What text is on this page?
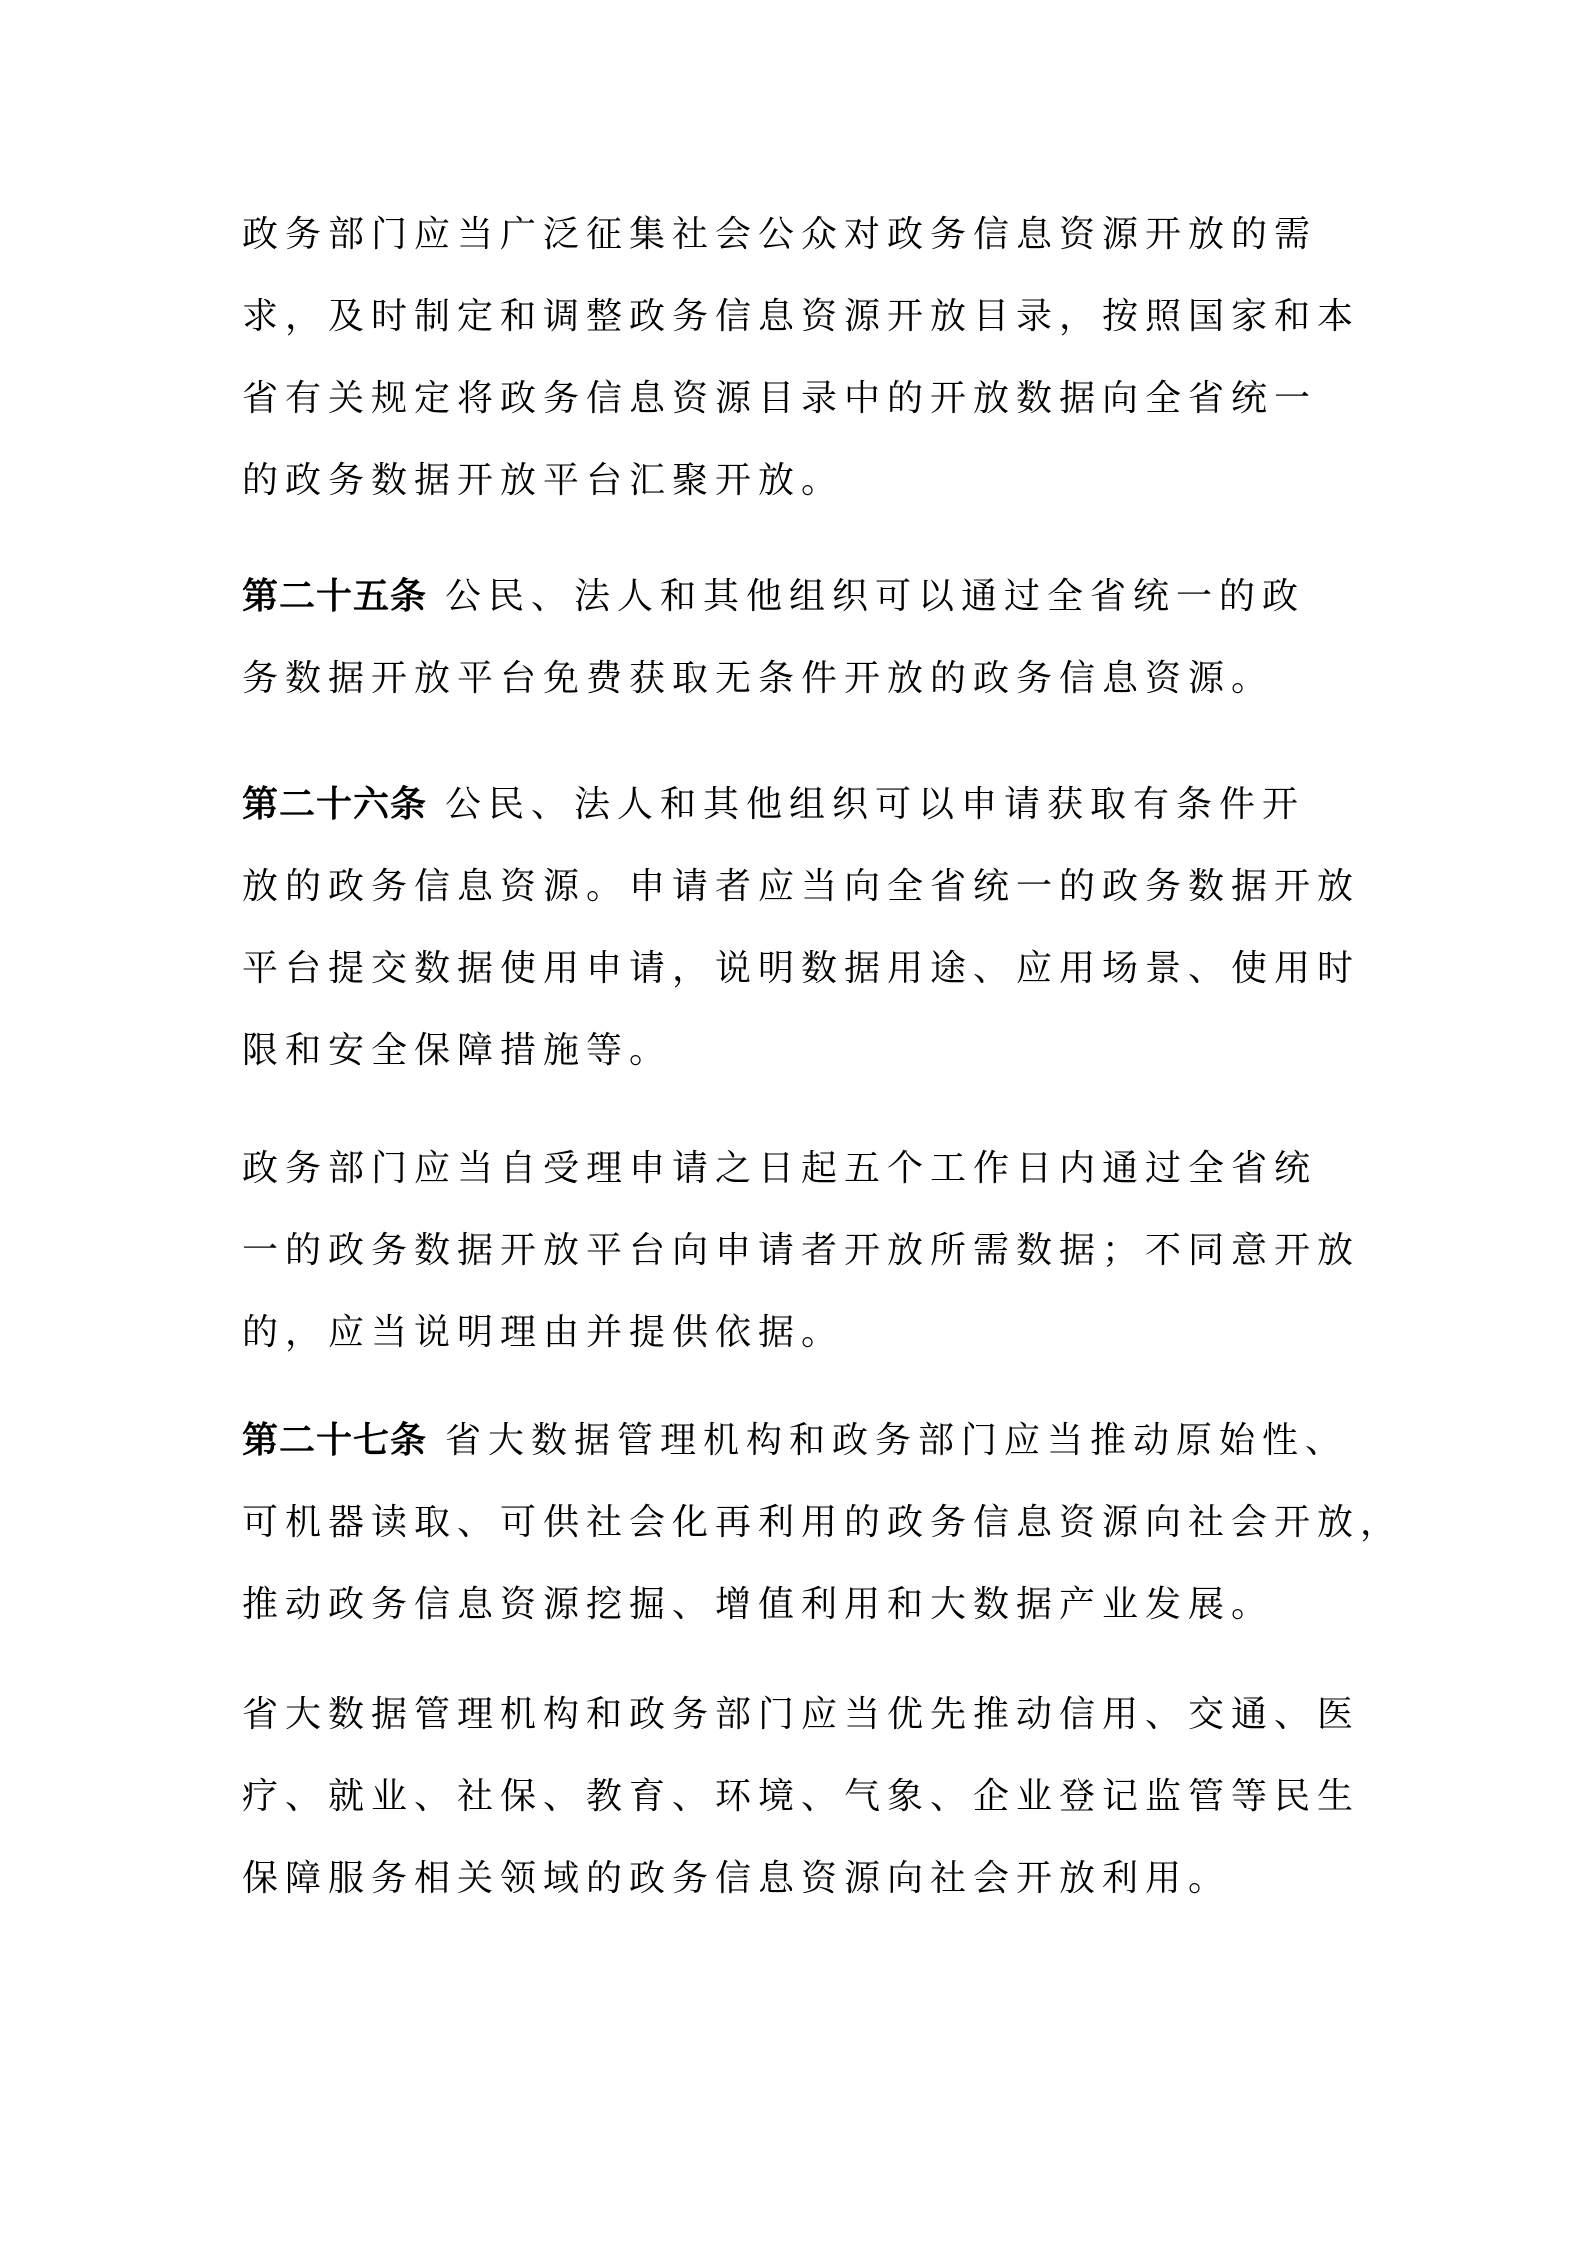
政务部门应当广泛征集社会公众对政务信息资源开放的需
求，及时制定和调整政务信息资源开放目录，按照国家和本
省有关规定将政务信息资源目录中的开放数据向全省统一
的政务数据开放平台汇聚开放。
第二十五条 公民、法人和其他组织可以通过全省统一的政
务数据开放平台免费获取无条件开放的政务信息资源。
第二十六条 公民、法人和其他组织可以申请获取有条件开
放的政务信息资源。申请者应当向全省统一的政务数据开放
平台提交数据使用申请，说明数据用途、应用场景、使用时
限和安全保障措施等。
政务部门应当自受理申请之日起五个工作日内通过全省统
一的政务数据开放平台向申请者开放所需数据；不同意开放
的，应当说明理由并提供依据。
第二十七条 省大数据管理机构和政务部门应当推动原始性、
可机器读取、可供社会化再利用的政务信息资源向社会开放，
推动政务信息资源挖掘、增值利用和大数据产业发展。
省大数据管理机构和政务部门应当优先推动信用、交通、医
疗、就业、社保、教育、环境、气象、企业登记监管等民生
保障服务相关领域的政务信息资源向社会开放利用。
